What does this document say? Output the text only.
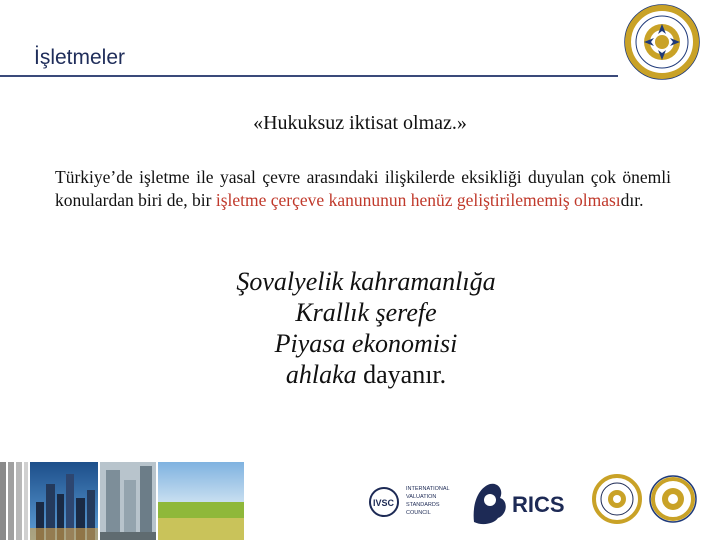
İşletmeler
«Hukuksuz iktisat olmaz.»

Türkiye’de işletme ile yasal çevre arasındaki ilişkilerde eksikliği duyulan çok önemli konulardan biri de, bir işletme çerçeve kanununun henüz geliştirilememiş olmasıdır.

Şovalyelik kahramanlığa
Krallık şerefe
Piyasa ekonomisi
ahlaka dayanır.
IVSC
INTERNATIONAL
VALUATION
STANDARDS
COUNCIL	RICS
